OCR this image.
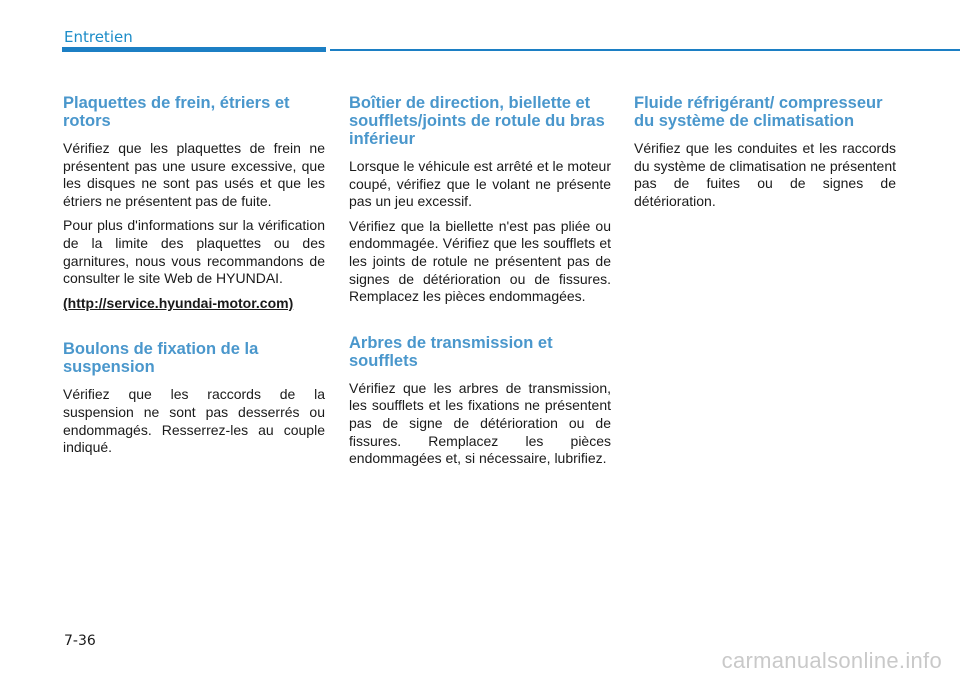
Entretien
Plaquettes de frein, étriers et rotors

Vérifiez que les plaquettes de frein ne présentent pas une usure excessive, que les disques ne sont pas usés et que les étriers ne présentent pas de fuite.

Pour plus d'informations sur la vérification de la limite des plaquettes ou des garnitures, nous vous recommandons de consulter le site Web de HYUNDAI.

(http://service.hyundai-motor.com)
Boulons de fixation de la suspension

Vérifiez que les raccords de la suspension ne sont pas desserrés ou endommagés. Resserrez-les au couple indiqué.

Boîtier de direction, biellette et soufflets/joints de rotule du bras inférieur

Lorsque le véhicule est arrêté et le moteur coupé, vérifiez que le volant ne présente pas un jeu excessif.

Vérifiez que la biellette n'est pas pliée ou endommagée. Vérifiez que les soufflets et les joints de rotule ne présentent pas de signes de détérioration ou de fissures. Remplacez les pièces endommagées.

Arbres de transmission et soufflets

Vérifiez que les arbres de transmission, les soufflets et les fixations ne présentent pas de signe de détérioration ou de fissures. Remplacez les pièces endommagées et, si nécessaire, lubrifiez.

Fluide réfrigérant/ compresseur du système de climatisation

Vérifiez que les conduites et les raccords du système de climatisation ne présentent pas de fuites ou de signes de détérioration.

7-36
carmanualsonline.info
